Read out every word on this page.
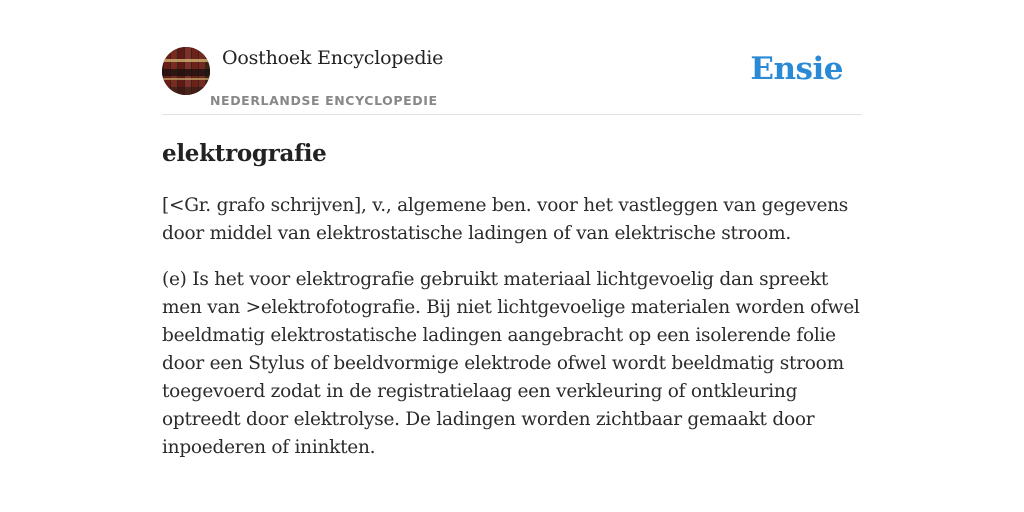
Oosthoek Encyclopedie
NEDERLANDSE ENCYCLOPEDIE
Ensie
elektrografie

[<Gr. grafo schrijven], v., algemene ben. voor het vastleggen van gegevens door middel van elektrostatische ladingen of van elektrische stroom.

(e) Is het voor elektrografie gebruikt materiaal lichtgevoelig dan spreekt men van >elektrofotografie. Bij niet lichtgevoelige materialen worden ofwel beeldmatig elektrostatische ladingen aangebracht op een isolerende folie door een Stylus of beeldvormige elektrode ofwel wordt beeldmatig stroom toegevoerd zodat in de registratielaag een verkleuring of ontkleuring optreedt door elektrolyse. De ladingen worden zichtbaar gemaakt door inpoederen of ininkten.
